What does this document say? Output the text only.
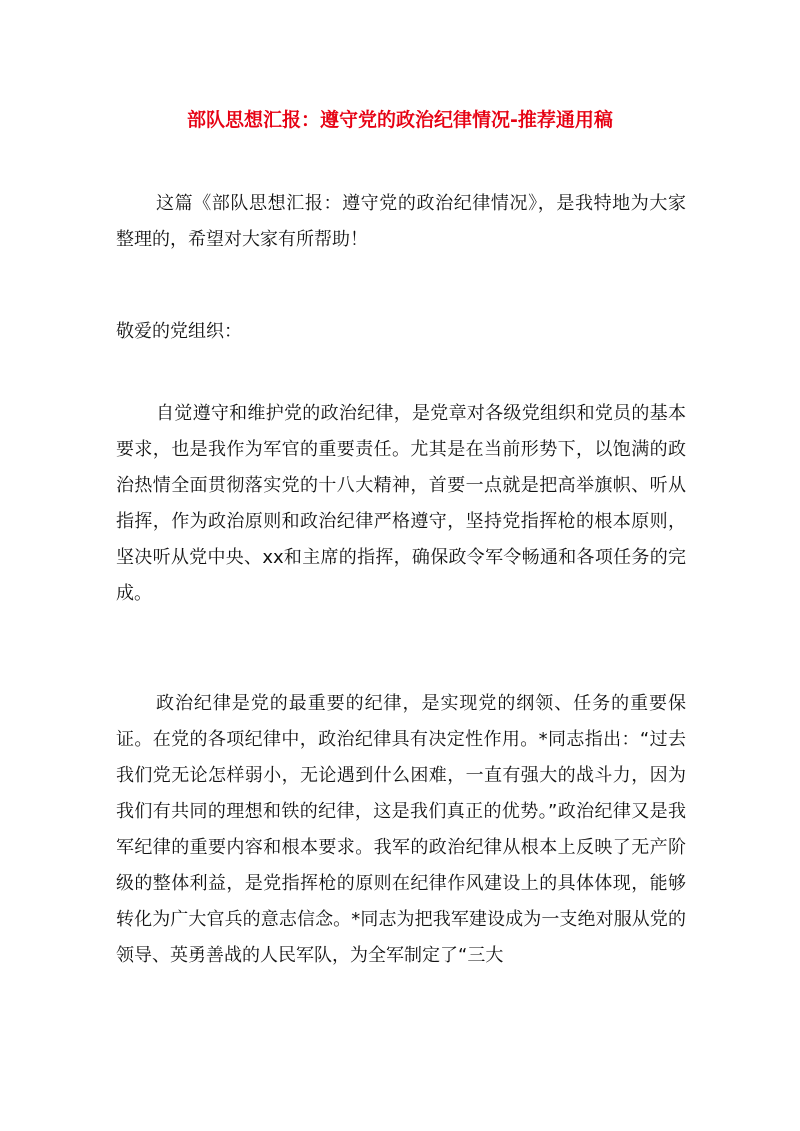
部队思想汇报：遵守党的政治纪律情况-推荐通用稿

这篇《部队思想汇报：遵守党的政治纪律情况》，是我特地为大家整理的，希望对大家有所帮助！

敬爱的党组织：

自觉遵守和维护党的政治纪律，是党章对各级党组织和党员的基本要求，也是我作为军官的重要责任。尤其是在当前形势下，以饱满的政治热情全面贯彻落实党的十八大精神，首要一点就是把高举旗帜、听从指挥，作为政治原则和政治纪律严格遵守，坚持党指挥枪的根本原则，坚决听从党中央、xx和主席的指挥，确保政令军令畅通和各项任务的完成。

政治纪律是党的最重要的纪律，是实现党的纲领、任务的重要保证。在党的各项纪律中，政治纪律具有决定性作用。*同志指出：“过去我们党无论怎样弱小，无论遇到什么困难，一直有强大的战斗力，因为我们有共同的理想和铁的纪律，这是我们真正的优势。”政治纪律又是我军纪律的重要内容和根本要求。我军的政治纪律从根本上反映了无产阶级的整体利益，是党指挥枪的原则在纪律作风建设上的具体体现，能够转化为广大官兵的意志信念。*同志为把我军建设成为一支绝对服从党的领导、英勇善战的人民军队，为全军制定了“三大
